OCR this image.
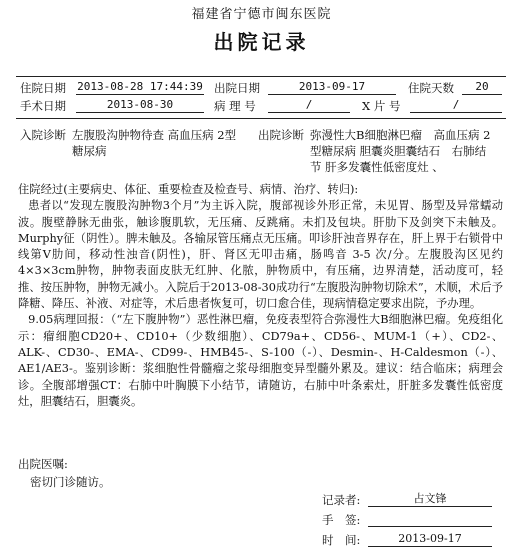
福建省宁德市闽东医院
出院记录
住院日期 2013-08-28 17:44:39 出院日期	2013-09-17	住院天数	20
手术日期	2013-08-30	病 理 号	/	X 片 号	/
入院诊断 左腹股沟肿物待查 高血压病 2型
糖尿病
出院诊断 弥漫性大B细胞淋巴瘤　高血压病 2
型糖尿病 胆囊炎胆囊结石　右肺结
节 肝多发囊性低密度灶 、

住院经过(主要病史、体征、重要检查及检查号、病情、治疗、转归):

患者以“发现左腹股沟肿物3个月”为主诉入院，腹部视诊外形正常，未见胃、肠型及异常蠕动波。腹壁静脉无曲张，触诊腹肌软，无压痛、反跳痛。未扪及包块。肝肋下及剑突下未触及。Murphy征（阴性）。脾未触及。各输尿管压痛点无压痛。叩诊肝浊音界存在，肝上界于右锁骨中线第V肋间，移动性浊音(阴性)，肝、肾区无叩击痛，肠鸣音 3-5 次/分。左腹股沟区见约4×3×3cm肿物，肿物表面皮肤无红肿、化脓，肿物质中，有压痛，边界清楚，活动度可，轻推、按压肿物，肿物无减小。入院后于2013-08-30成功行“左腹股沟肿物切除术”，术顺，术后予降糖、降压、补液、对症等，术后患者恢复可，切口愈合佳，现病情稳定要求出院，予办理。

9.05病理回报：（“左下腹肿物”）恶性淋巴瘤，免疫表型符合弥漫性大B细胞淋巴瘤。免疫组化示：瘤细胞CD20+、CD10+（少数细胞）、CD79a+、CD56-、MUM-1（+）、CD2-、ALK-、CD30-、EMA-、CD99-、HMB45-、S-100（-）、Desmin-、H-Caldesmon（-）、AE1/AE3-。鉴别诊断：浆细胞性骨髓瘤之浆母细胞变异型髓外累及。建议：结合临床；病理会诊。全腹部增强CT：右肺中叶胸膜下小结节，请随访，右肺中叶条索灶，肝脏多发囊性低密度灶，胆囊结石，胆囊炎。

出院医嘱:
密切门诊随访。
记录者:	占文锋
手　签:
时　间:	2013-09-17
